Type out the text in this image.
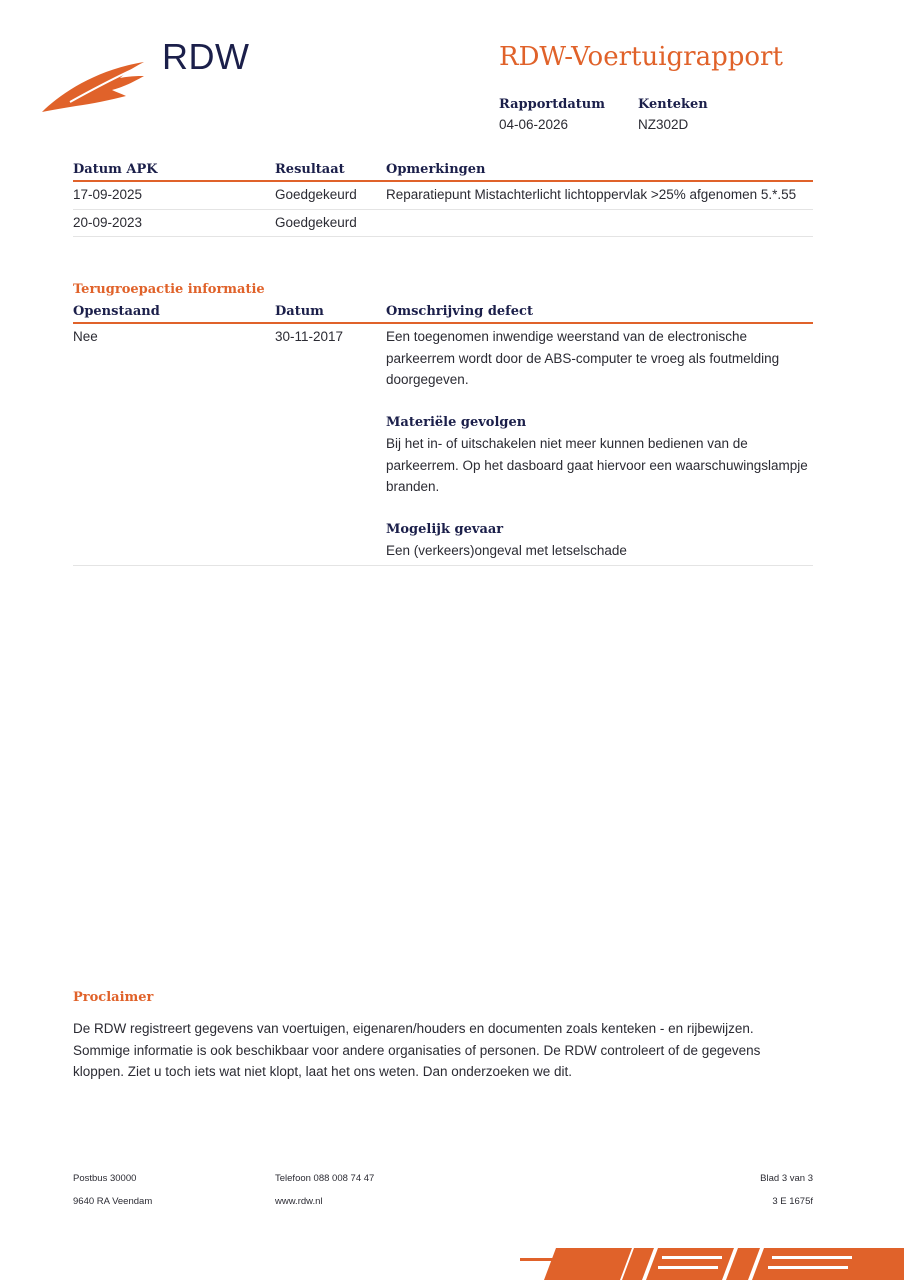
RDW	RDW-Voertuigrapport
Rapportdatum
04-06-2026
Kenteken
NZ302D
Datum APK	Resultaat	Opmerkingen
17-09-2025	Goedgekeurd	Reparatiepunt Mistachterlicht lichtoppervlak >25% afgenomen 5.*.55
20-09-2023	Goedgekeurd	
Terugroepactie informatie
Openstaand	Datum	Omschrijving defect
Nee	30-11-2017	Een toegenomen inwendige weerstand van de electronische parkeerrem wordt door de ABS-computer te vroeg als foutmelding doorgegeven.
Materiële gevolgen
Bij het in- of uitschakelen niet meer kunnen bedienen van de parkeerrem. Op het dasboard gaat hiervoor een waarschuwingslampje branden.
Mogelijk gevaar
Een (verkeers)ongeval met letselschade
Proclaimer
De RDW registreert gegevens van voertuigen, eigenaren/houders en documenten zoals kenteken - en rijbewijzen. Sommige informatie is ook beschikbaar voor andere organisaties of personen. De RDW controleert of de gegevens kloppen. Ziet u toch iets wat niet klopt, laat het ons weten. Dan onderzoeken we dit.
Postbus 30000
9640 RA Veendam
Telefoon 088 008 74 47
www.rdw.nl
Blad 3 van 3
3 E 1675f
